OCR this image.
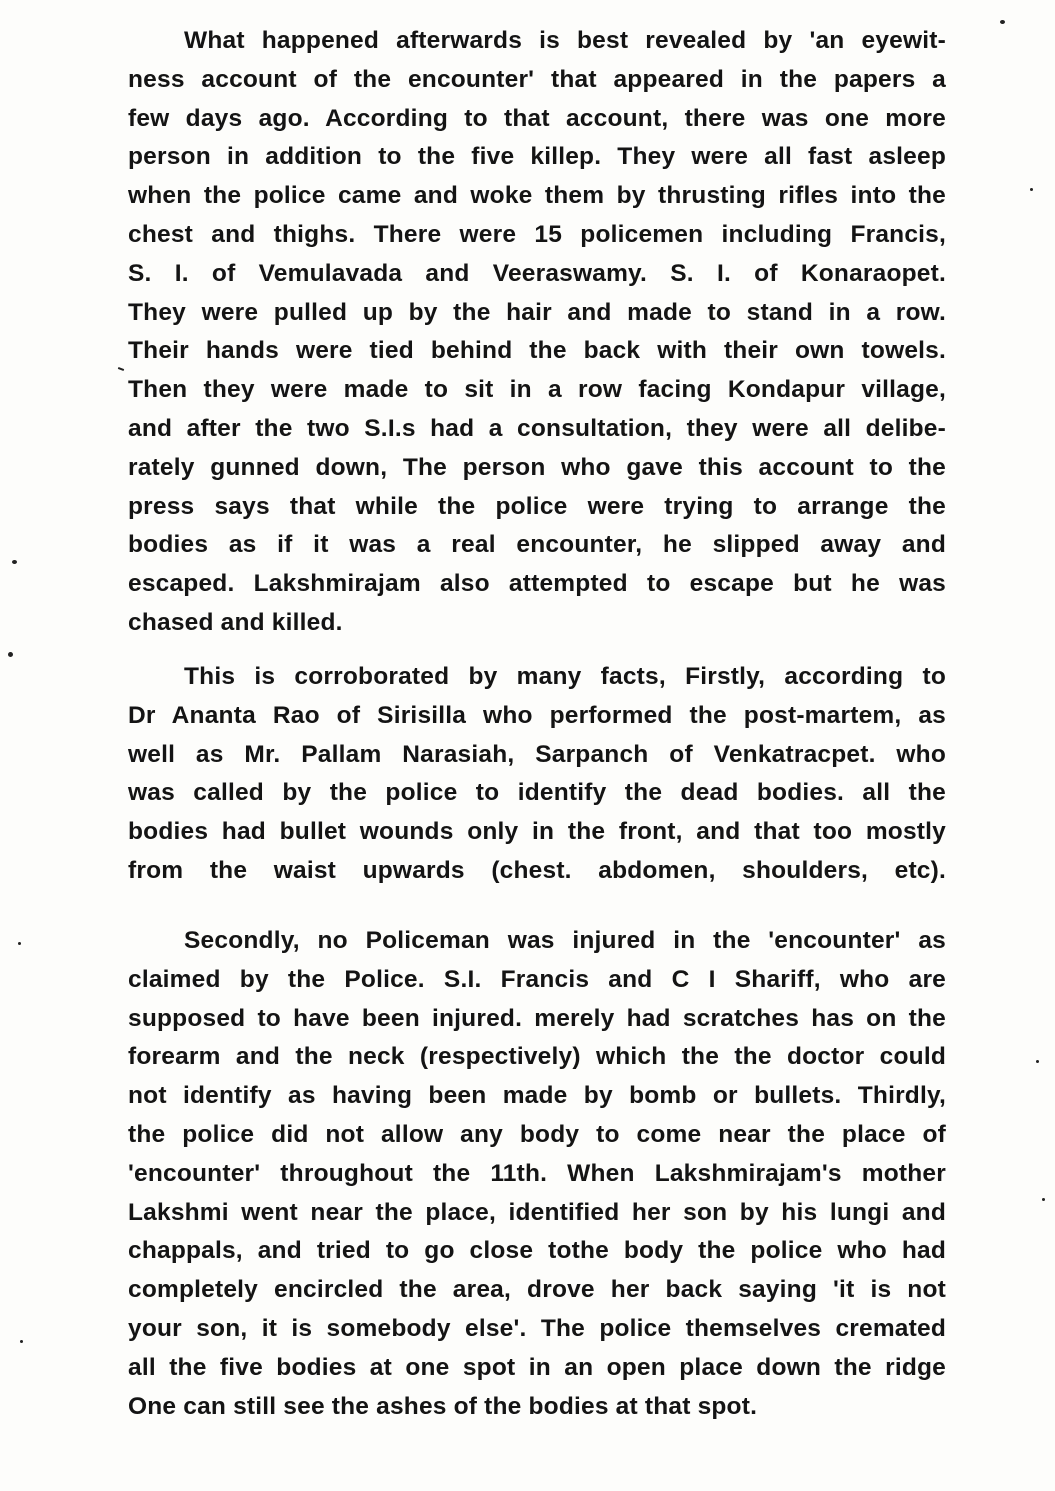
What happened afterwards is best revealed by 'an eyewit-
ness account of the encounter' that appeared in the papers a
few days ago. According to that account, there was one more
person in addition to the five killep. They were all fast asleep
when the police came and woke them by thrusting rifles into the
chest and thighs. There were 15 policemen including Francis,
S. I. of Vemulavada and Veeraswamy. S. I. of Konaraopet.
They were pulled up by the hair and made to stand in a row.
Their hands were tied behind the back with their own towels.
Then they were made to sit in a row facing Kondapur village,
and after the two S.I.s had a consultation, they were all delibe-
rately gunned down, The person who gave this account to the
press says that while the police were trying to arrange the
bodies as if it was a real encounter, he slipped away and
escaped. Lakshmirajam also attempted to escape but he was
chased and killed.
This is corroborated by many facts, Firstly, according to
Dr Ananta Rao of Sirisilla who performed the post-martem, as
well as Mr. Pallam Narasiah, Sarpanch of Venkatracpet. who
was called by the police to identify the dead bodies. all the
bodies had bullet wounds only in the front, and that too mostly
from the waist upwards (chest. abdomen, shoulders, etc).
Secondly, no Policeman was injured in the 'encounter' as
claimed by the Police. S.I. Francis and C I Shariff, who are
supposed to have been injured. merely had scratches has on the
forearm and the neck (respectively) which the the doctor could
not identify as having been made by bomb or bullets. Thirdly,
the police did not allow any body to come near the place of
'encounter' throughout the 11th. When Lakshmirajam's mother
Lakshmi went near the place, identified her son by his lungi and
chappals, and tried to go close tothe body the police who had
completely encircled the area, drove her back saying 'it is not
your son, it is somebody else'. The police themselves cremated
all the five bodies at one spot in an open place down the ridge
One can still see the ashes of the bodies at that spot.
